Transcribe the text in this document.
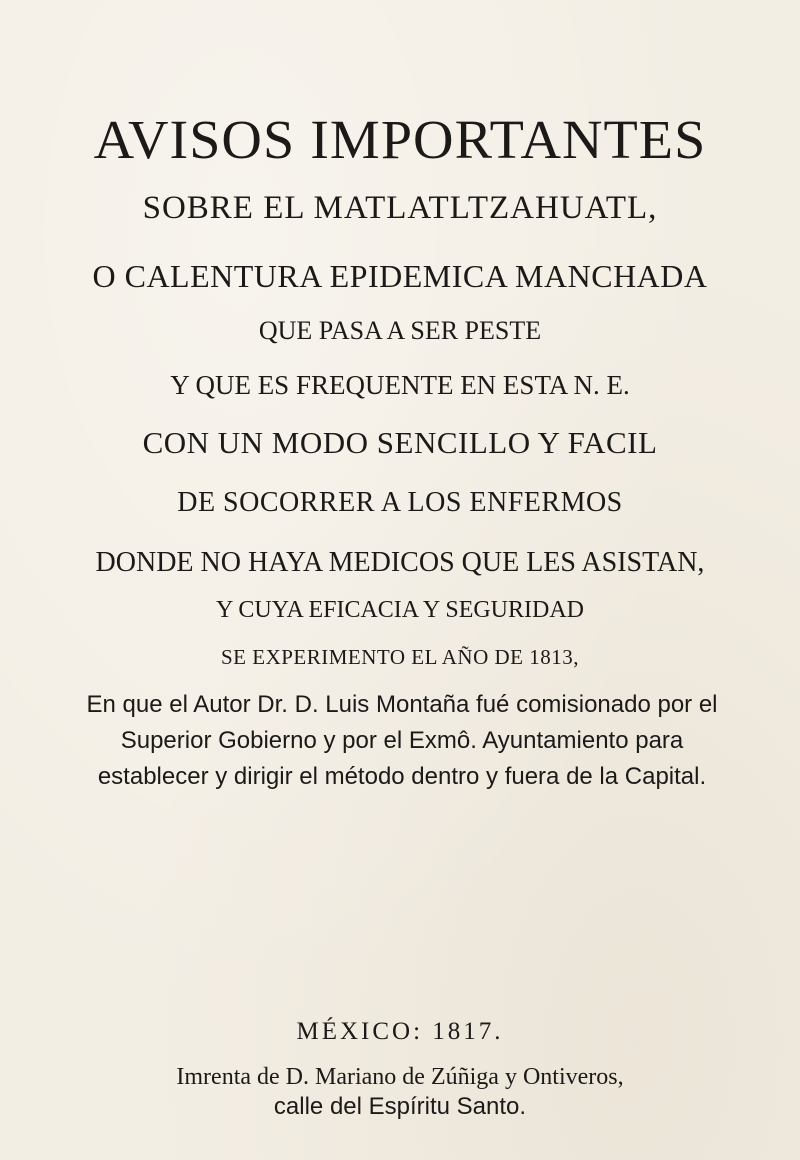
AVISOS IMPORTANTES
SOBRE EL MATLATLTZAHUATL,
O CALENTURA EPIDEMICA MANCHADA
QUE PASA A SER PESTE
Y QUE ES FREQUENTE EN ESTA N. E.
CON UN MODO SENCILLO Y FACIL
DE SOCORRER A LOS ENFERMOS
DONDE NO HAYA MEDICOS QUE LES ASISTAN,
Y CUYA EFICACIA Y SEGURIDAD
SE EXPERIMENTO EL AÑO DE 1813,
En que el Autor Dr. D. Luis Montaña fué comisionado por el Superior Gobierno y por el Exmô. Ayuntamiento para establecer y dirigir el método dentro y fuera de la Capital.
MÉXICO: 1817.
Imrenta de D. Mariano de Zúñiga y Ontiveros,
calle del Espíritu Santo.
